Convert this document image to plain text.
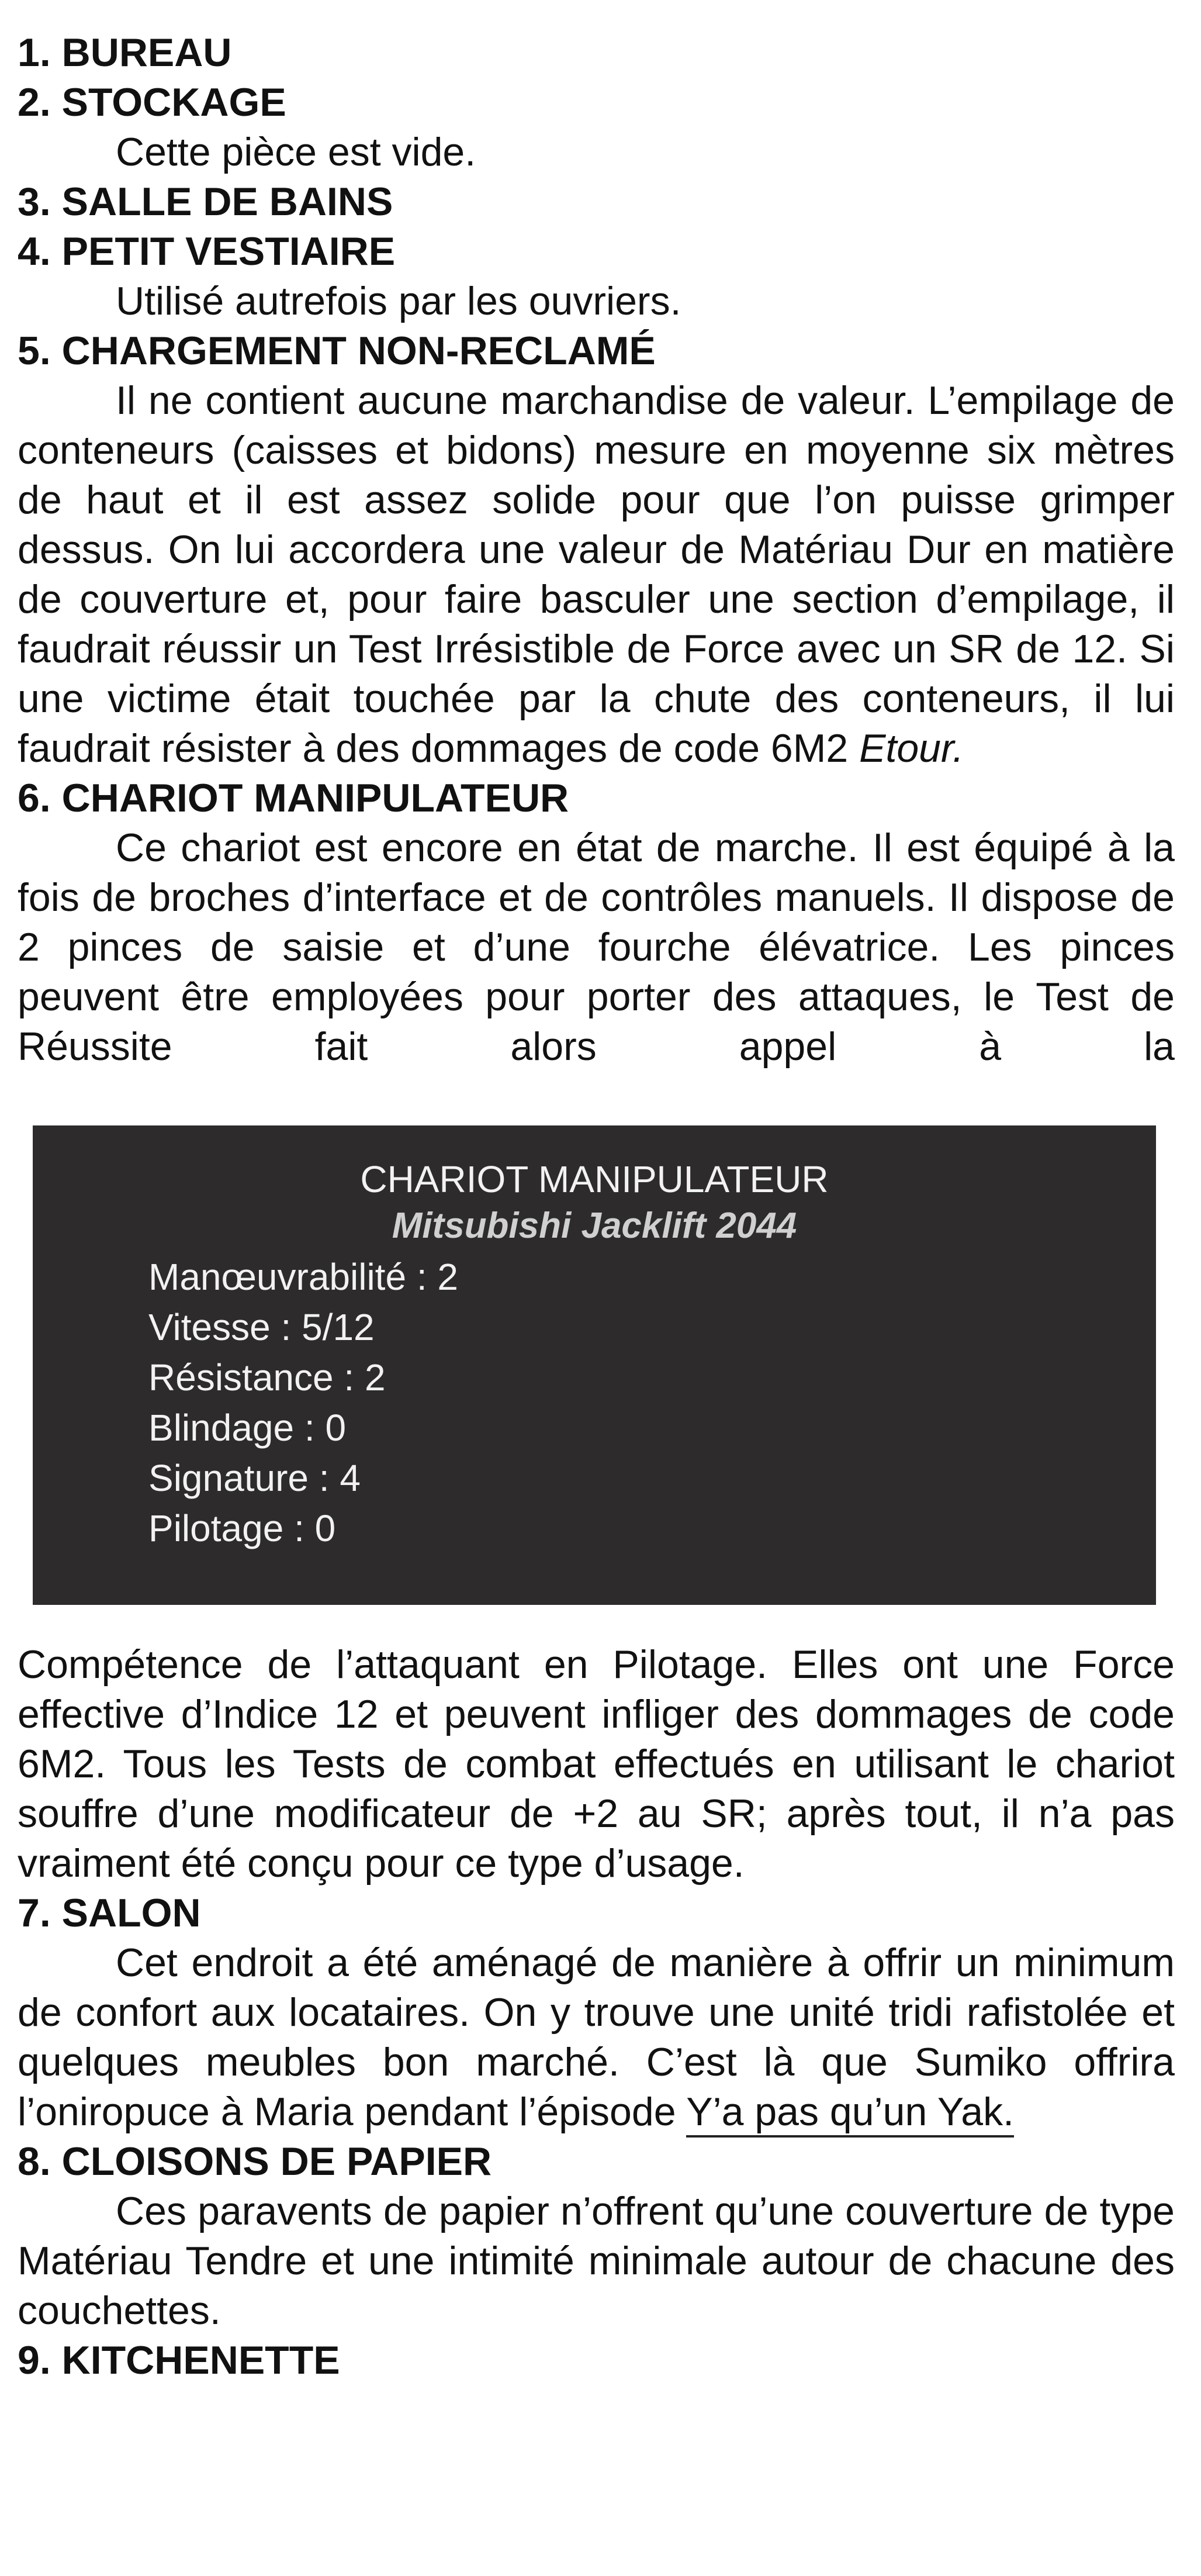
1. BUREAU
2. STOCKAGE

Cette pièce est vide.

3. SALLE DE BAINS
4. PETIT VESTIAIRE

Utilisé autrefois par les ouvriers.

5. CHARGEMENT NON-RECLAMÉ

Il ne contient aucune marchandise de valeur. L’empilage de conteneurs (caisses et bidons) mesure en moyenne six mètres de haut et il est assez solide pour que l’on puisse grimper dessus. On lui accordera une valeur de Matériau Dur en matière de couverture et, pour faire basculer une section d’empilage, il faudrait réussir un Test Irrésistible de Force avec un SR de 12. Si une victime était touchée par la chute des conteneurs, il lui faudrait résister à des dommages de code 6M2 Etour.

6. CHARIOT MANIPULATEUR

Ce chariot est encore en état de marche. Il est équipé à la fois de broches d’interface et de contrôles manuels. Il dispose de 2 pinces de saisie et d’une fourche élévatrice. Les pinces peuvent être employées pour porter des attaques, le Test de Réussite fait alors appel à la

CHARIOT MANIPULATEUR
Mitsubishi Jacklift 2044
Manœuvrabilité : 2
Vitesse : 5/12
Résistance : 2
Blindage : 0
Signature : 4
Pilotage : 0

Compétence de l’attaquant en Pilotage. Elles ont une Force effective d’Indice 12 et peuvent infliger des dommages de code 6M2. Tous les Tests de combat effectués en utilisant le chariot souffre d’une modificateur de +2 au SR; après tout, il n’a pas vraiment été conçu pour ce type d’usage.

7. SALON

Cet endroit a été aménagé de manière à offrir un minimum de confort aux locataires. On y trouve une unité tridi rafistolée et quelques meubles bon marché. C’est là que Sumiko offrira l’oniropuce à Maria pendant l’épisode Y’a pas qu’un Yak.

8. CLOISONS DE PAPIER

Ces paravents de papier n’offrent qu’une couverture de type Matériau Tendre et une intimité minimale autour de chacune des couchettes.

9. KITCHENETTE
